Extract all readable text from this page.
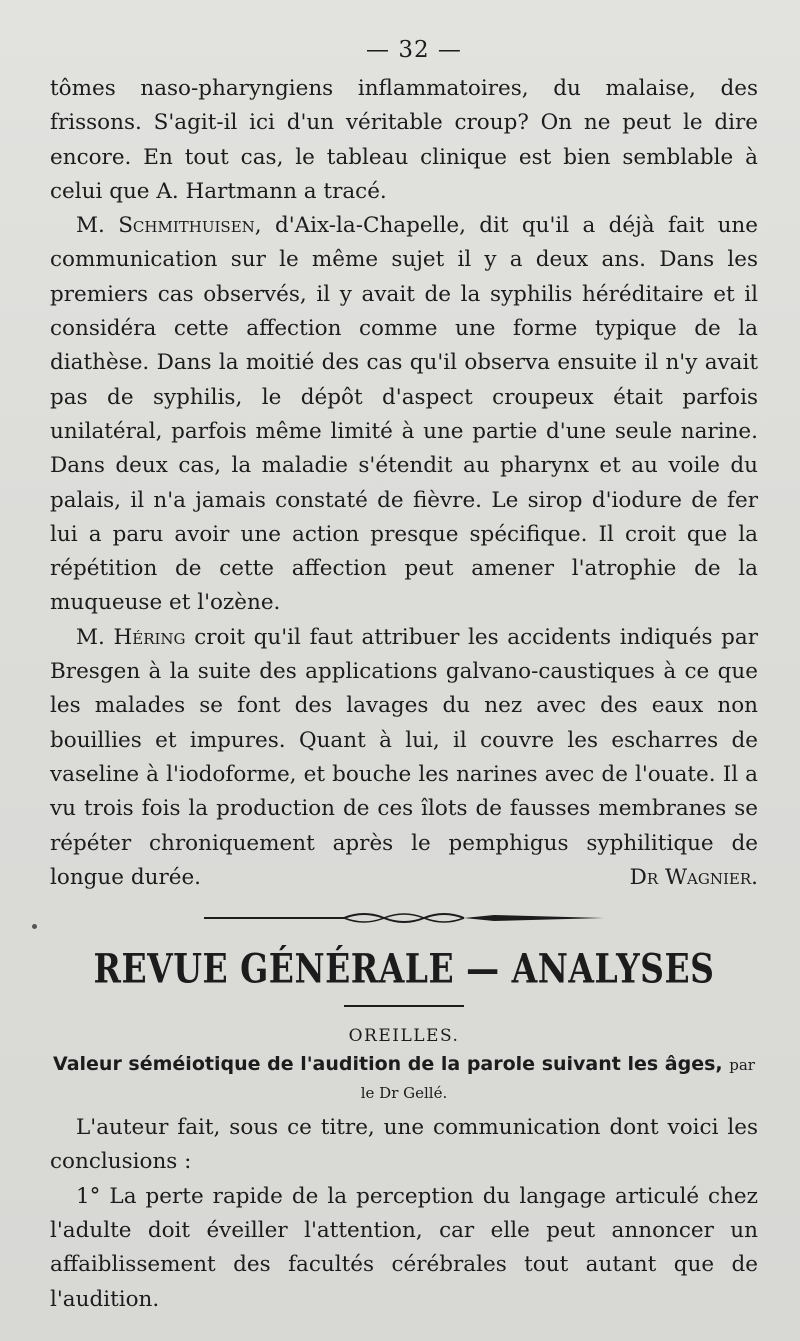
— 32 —

tômes naso-pharyngiens inflammatoires, du malaise, des frissons. S'agit-il ici d'un véritable croup? On ne peut le dire encore. En tout cas, le tableau clinique est bien semblable à celui que A. Hartmann a tracé.

M. Schmithuisen, d'Aix-la-Chapelle, dit qu'il a déjà fait une communication sur le même sujet il y a deux ans. Dans les premiers cas observés, il y avait de la syphilis héréditaire et il considéra cette affection comme une forme typique de la diathèse. Dans la moitié des cas qu'il observa ensuite il n'y avait pas de syphilis, le dépôt d'aspect croupeux était parfois unilatéral, parfois même limité à une partie d'une seule narine. Dans deux cas, la maladie s'étendit au pharynx et au voile du palais, il n'a jamais constaté de fièvre. Le sirop d'iodure de fer lui a paru avoir une action presque spécifique. Il croit que la répétition de cette affection peut amener l'atrophie de la muqueuse et l'ozène.

M. Héring croit qu'il faut attribuer les accidents indiqués par Bresgen à la suite des applications galvano-caustiques à ce que les malades se font des lavages du nez avec des eaux non bouillies et impures. Quant à lui, il couvre les escharres de vaseline à l'iodoforme, et bouche les narines avec de l'ouate. Il a vu trois fois la production de ces îlots de fausses membranes se répéter chroniquement après le pemphigus syphilitique de longue durée.	Dr Wagnier.

REVUE GÉNÉRALE — ANALYSES
OREILLES.
Valeur séméiotique de l'audition de la parole suivant les âges, par le Dr Gellé.

L'auteur fait, sous ce titre, une communication dont voici les conclusions :

1° La perte rapide de la perception du langage articulé chez l'adulte doit éveiller l'attention, car elle peut annoncer un affaiblissement des facultés cérébrales tout autant que de l'audition.
